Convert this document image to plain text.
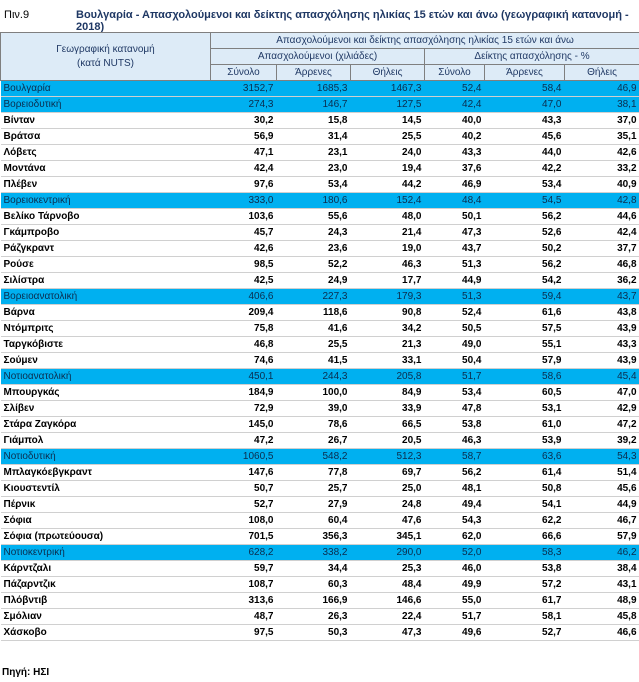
Πιν.9	Βουλγαρία - Απασχολούμενοι και δείκτης απασχόλησης ηλικίας 15 ετών και άνω (γεωγραφική κατανομή - 2018)
Γεωγραφική κατανομή
(κατά NUTS)	Απασχολούμενοι και δείκτης απασχόλησης ηλικίας 15 ετών και άνω					
	Απασχολούμενοι (χιλιάδες)			Δείκτης απασχόλησης - %		
	Σύνολο	Άρρενες	Θήλεις	Σύνολο	Άρρενες	Θήλεις
Βουλγαρία	3152,7	1685,3	1467,3	52,4	58,4	46,9
Βορειοδυτική	274,3	146,7	127,5	42,4	47,0	38,1
Βίνταν	30,2	15,8	14,5	40,0	43,3	37,0
Βράτσα	56,9	31,4	25,5	40,2	45,6	35,1
Λόβετς	47,1	23,1	24,0	43,3	44,0	42,6
Μοντάνα	42,4	23,0	19,4	37,6	42,2	33,2
Πλέβεν	97,6	53,4	44,2	46,9	53,4	40,9
Βορειοκεντρική	333,0	180,6	152,4	48,4	54,5	42,8
Βελίκο Τάρνοβο	103,6	55,6	48,0	50,1	56,2	44,6
Γκάμπροβο	45,7	24,3	21,4	47,3	52,6	42,4
Ράζγκραντ	42,6	23,6	19,0	43,7	50,2	37,7
Ρούσε	98,5	52,2	46,3	51,3	56,2	46,8
Σιλίστρα	42,5	24,9	17,7	44,9	54,2	36,2
Βορειοανατολική	406,6	227,3	179,3	51,3	59,4	43,7
Βάρνα	209,4	118,6	90,8	52,4	61,6	43,8
Ντόμπριτς	75,8	41,6	34,2	50,5	57,5	43,9
Ταργκόβιστε	46,8	25,5	21,3	49,0	55,1	43,3
Σούμεν	74,6	41,5	33,1	50,4	57,9	43,9
Νοτιοανατολική	450,1	244,3	205,8	51,7	58,6	45,4
Μπουργκάς	184,9	100,0	84,9	53,4	60,5	47,0
Σλίβεν	72,9	39,0	33,9	47,8	53,1	42,9
Στάρα Ζαγκόρα	145,0	78,6	66,5	53,8	61,0	47,2
Γιάμπολ	47,2	26,7	20,5	46,3	53,9	39,2
Νοτιοδυτική	1060,5	548,2	512,3	58,7	63,6	54,3
Μπλαγκόεβγκραντ	147,6	77,8	69,7	56,2	61,4	51,4
Κιουστεντίλ	50,7	25,7	25,0	48,1	50,8	45,6
Πέρνικ	52,7	27,9	24,8	49,4	54,1	44,9
Σόφια	108,0	60,4	47,6	54,3	62,2	46,7
Σόφια (πρωτεύουσα)	701,5	356,3	345,1	62,0	66,6	57,9
Νοτιοκεντρική	628,2	338,2	290,0	52,0	58,3	46,2
Κάρντζαλι	59,7	34,4	25,3	46,0	53,8	38,4
Πάζαρντζικ	108,7	60,3	48,4	49,9	57,2	43,1
Πλόβντιβ	313,6	166,9	146,6	55,0	61,7	48,9
Σμόλιαν	48,7	26,3	22,4	51,7	58,1	45,8
Χάσκοβο	97,5	50,3	47,3	49,6	52,7	46,6
Πηγή: ΗΣΙ
